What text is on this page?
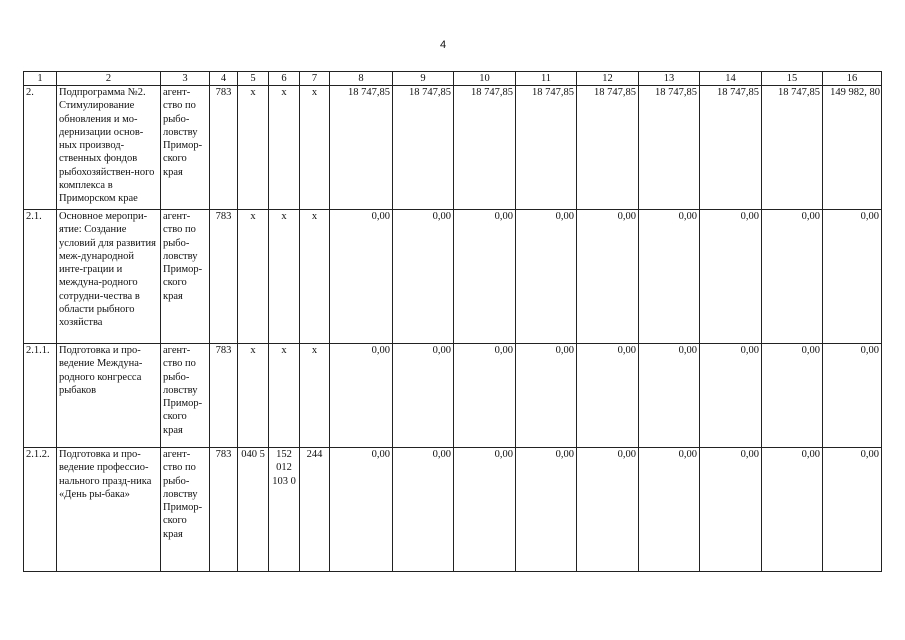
4
1	2	3	4	5	6	7	8	9	10	11	12	13	14	15	16
2.	Подпрограмма №2. Стимулирование обновления и мо-дернизации основ-ных производ-ственных фондов рыбохозяйствен-ного комплекса в Приморском крае	агент-ство по рыбо-ловству Примор-ского края	783	x	x	x	18 747,85	18 747,85	18 747,85	18 747,85	18 747,85	18 747,85	18 747,85	18 747,85	149 982, 80
2.1.	Основное меропри-ятие: Создание условий для развития меж-дународной инте-грации и междуна-родного сотрудни-чества в области рыбного хозяйства	агент-ство по рыбо-ловству Примор-ского края	783	x	x	x	0,00	0,00	0,00	0,00	0,00	0,00	0,00	0,00	0,00
2.1.1.	Подготовка и про-ведение Междуна-родного конгресса рыбаков	агент-ство по рыбо-ловству Примор-ского края	783	x	x	x	0,00	0,00	0,00	0,00	0,00	0,00	0,00	0,00	0,00
2.1.2.	Подготовка и про-ведение профессио-нального празд-ника «День ры-бака»	агент-ство по рыбо-ловству Примор-ского края	783	040 5	152 012 103 0	244	0,00	0,00	0,00	0,00	0,00	0,00	0,00	0,00	0,00
